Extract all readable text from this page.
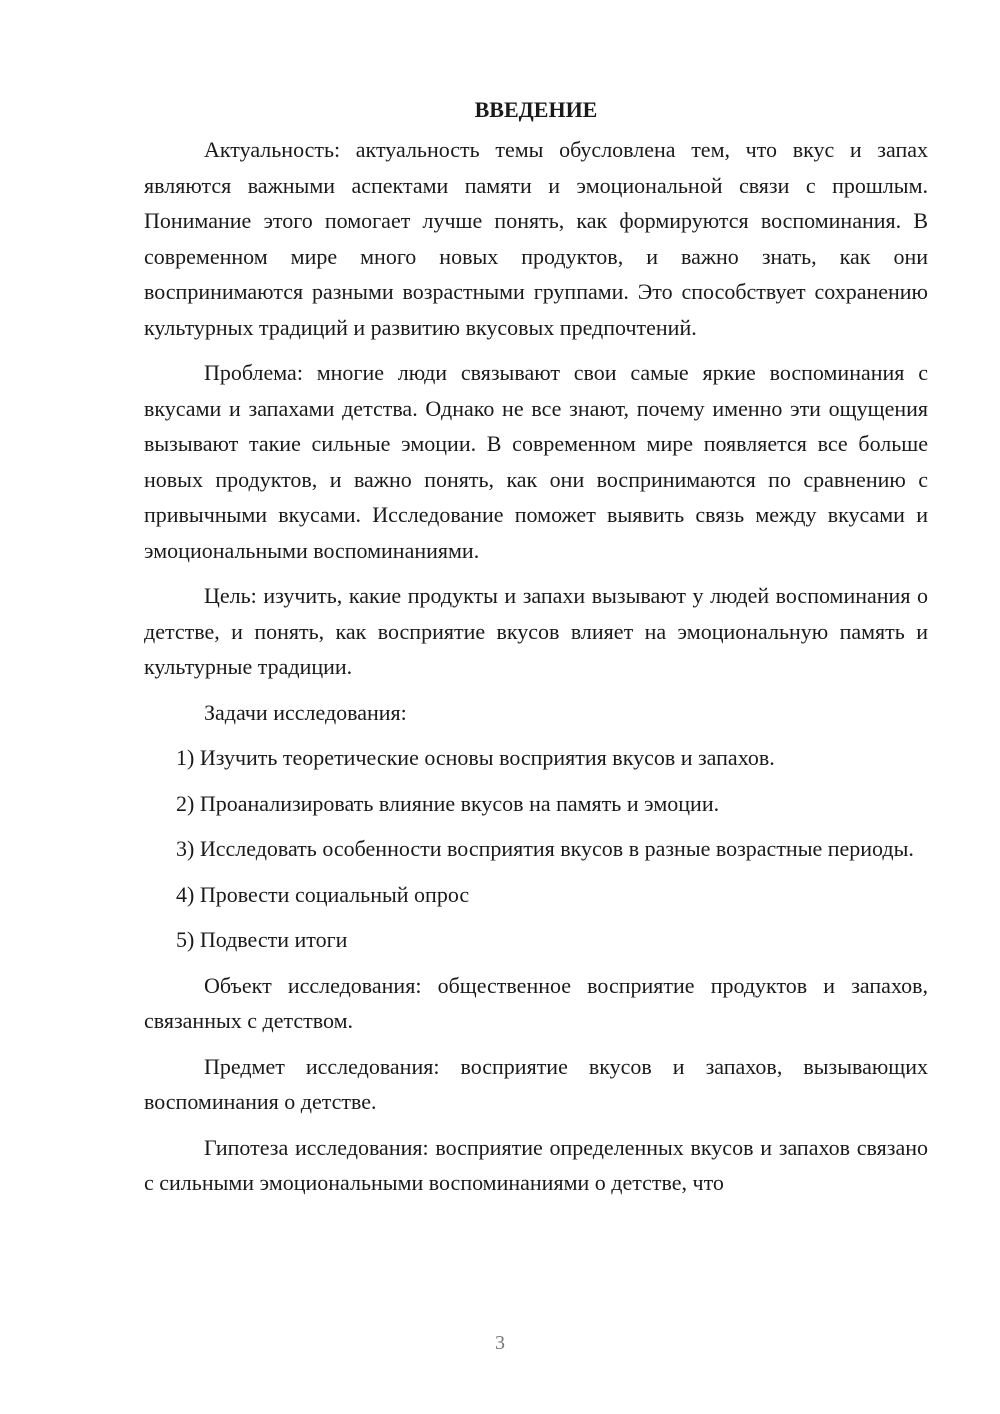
ВВЕДЕНИЕ

Актуальность: актуальность темы обусловлена тем, что вкус и запах являются важными аспектами памяти и эмоциональной связи с прошлым. Понимание этого помогает лучше понять, как формируются воспоминания. В современном мире много новых продуктов, и важно знать, как они воспринимаются разными возрастными группами. Это способствует сохранению культурных традиций и развитию вкусовых предпочтений.

Проблема: многие люди связывают свои самые яркие воспоминания с вкусами и запахами детства. Однако не все знают, почему именно эти ощущения вызывают такие сильные эмоции. В современном мире появляется все больше новых продуктов, и важно понять, как они воспринимаются по сравнению с привычными вкусами. Исследование поможет выявить связь между вкусами и эмоциональными воспоминаниями.

Цель: изучить, какие продукты и запахи вызывают у людей воспоминания о детстве, и понять, как восприятие вкусов влияет на эмоциональную память и культурные традиции.

Задачи исследования:

1) Изучить теоретические основы восприятия вкусов и запахов.

2) Проанализировать влияние вкусов на память и эмоции.

3) Исследовать особенности восприятия вкусов в разные возрастные периоды.

4) Провести социальный опрос

5) Подвести итоги

Объект исследования: общественное восприятие продуктов и запахов, связанных с детством.

Предмет исследования: восприятие вкусов и запахов, вызывающих воспоминания о детстве.

Гипотеза исследования: восприятие определенных вкусов и запахов связано с сильными эмоциональными воспоминаниями о детстве, что

3
